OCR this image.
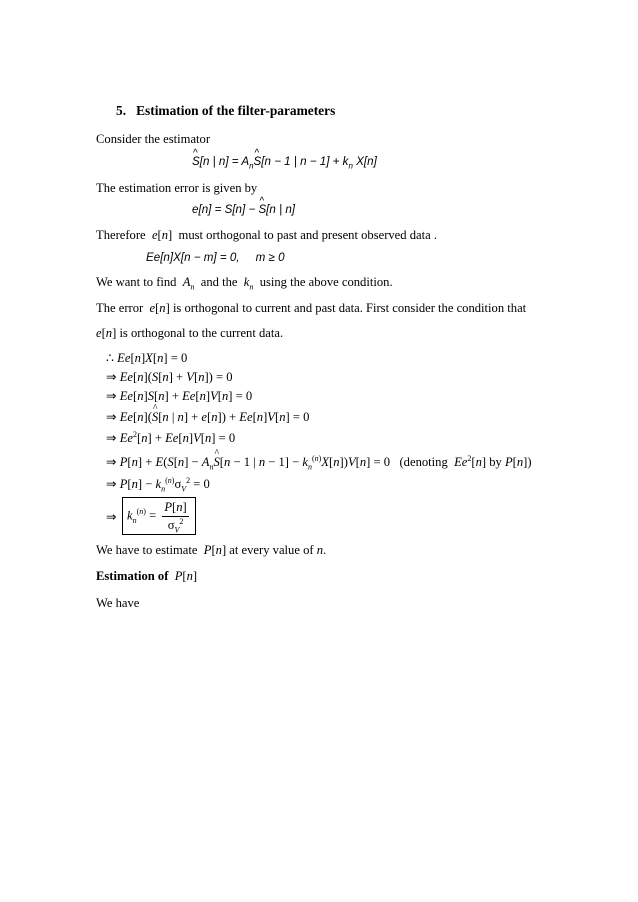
5. Estimation of the filter-parameters
Consider the estimator
^ S[n | $n] = A_n\^{}$ S[n − 1 | $n - 1] + k_n$ X[n]
The estimation error is given by
e[n] = S[n] − ^ S[n | n]
Therefore e[n]  must orthogonal to past and present observed data .
Ee[n]X[n − m] = 0,     m ≥ 0
We want to find $A_n$ and the $k_n$ using the above condition.
The error e[n] is orthogonal to current and past data. First consider the condition that
e[n] is orthogonal to the current data.
∴ Ee[n]X[n] = 0
⇒ Ee[n](S[n] + V[n]) = 0
⇒ Ee[n]S[n] + Ee[n]V[n] = 0
⇒ Ee[n](^ S[n | n] + e[n]) + Ee[n]V[n] = 0
⇒ $Ee^2[n] + Ee[n]V[n] = 0$
⇒ $P[n] + E(S[n] - A_n\^{}$ S[n − 1 | $n - 1] - k_n^{(n)}X[n])V[n] = 0$   (denoting Ee$^2$[n] by P[n])
⇒ $P[n] - k_n^{(n)}\sigma_V^2 = 0$
⇒ $k_n^{(n)} = \frac{P[n]}{\sigma_V^2}$
We have to estimate P[n] at every value of n.
Estimation of P[n]
We have
